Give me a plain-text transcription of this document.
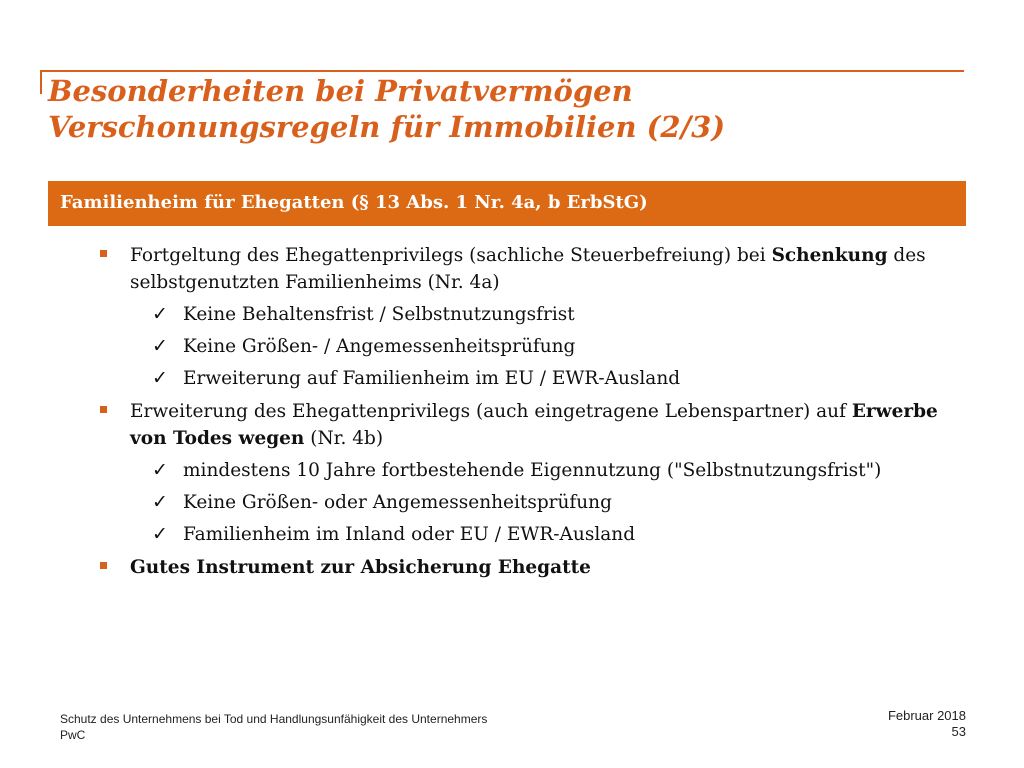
Besonderheiten bei Privatvermögen
Verschonungsregeln für Immobilien (2/3)
Familienheim für Ehegatten (§ 13 Abs. 1 Nr. 4a, b ErbStG)
Fortgeltung des Ehegattenprivilegs (sachliche Steuerbefreiung) bei Schenkung des selbstgenutzten Familienheims (Nr. 4a)
✓ Keine Behaltensfrist / Selbstnutzungsfrist
✓ Keine Größen- / Angemessenheitsprüfung
✓ Erweiterung auf Familienheim im EU / EWR-Ausland
Erweiterung des Ehegattenprivilegs (auch eingetragene Lebenspartner) auf Erwerbe von Todes wegen (Nr. 4b)
✓ mindestens 10 Jahre fortbestehende Eigennutzung ("Selbstnutzungsfrist")
✓ Keine Größen- oder Angemessenheitsprüfung
✓ Familienheim im Inland oder EU / EWR-Ausland
Gutes Instrument zur Absicherung Ehegatte
Schutz des Unternehmens bei Tod und Handlungsunfähigkeit des Unternehmers
PwC
Februar 2018
53
